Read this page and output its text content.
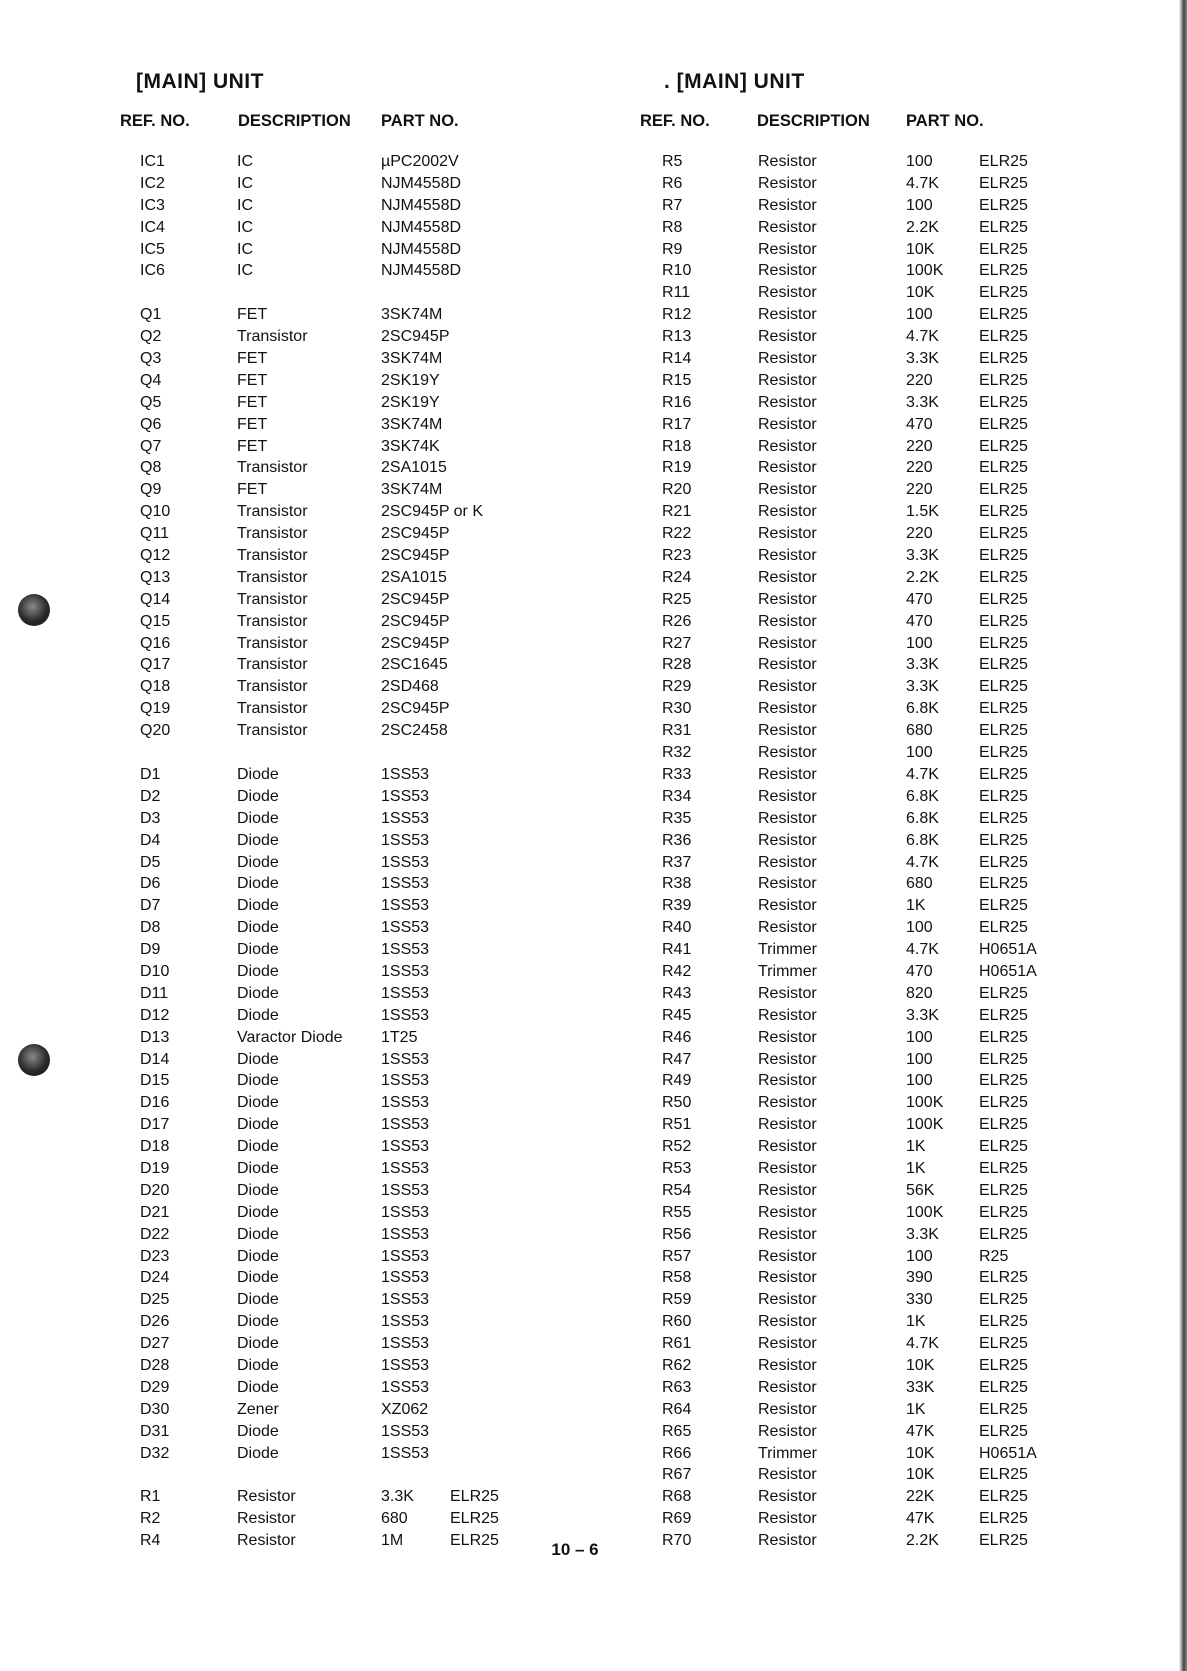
[MAIN] UNIT
REF. NO.	DESCRIPTION PART NO.
IC1	IC	µPC2002V
IC2	IC	NJM4558D
IC3	IC	NJM4558D
IC4	IC	NJM4558D
IC5	IC	NJM4558D
IC6	IC	NJM4558D
Q1	FET	3SK74M
Q2	Transistor	2SC945P
Q3	FET	3SK74M
Q4	FET	2SK19Y
Q5	FET	2SK19Y
Q6	FET	3SK74M
Q7	FET	3SK74K
Q8	Transistor	2SA1015
Q9	FET	3SK74M
Q10	Transistor	2SC945P or K
Q11	Transistor	2SC945P
Q12	Transistor	2SC945P
Q13	Transistor	2SA1015
Q14	Transistor	2SC945P
Q15	Transistor	2SC945P
Q16	Transistor	2SC945P
Q17	Transistor	2SC1645
Q18	Transistor	2SD468
Q19	Transistor	2SC945P
Q20	Transistor	2SC2458
D1	Diode	1SS53
D2	Diode	1SS53
D3	Diode	1SS53
D4	Diode	1SS53
D5	Diode	1SS53
D6	Diode	1SS53
D7	Diode	1SS53
D8	Diode	1SS53
D9	Diode	1SS53
D10	Diode	1SS53
D11	Diode	1SS53
D12	Diode	1SS53
D13	Varactor Diode 1T25
D14	Diode	1SS53
D15	Diode	1SS53
D16	Diode	1SS53
D17	Diode	1SS53
D18	Diode	1SS53
D19	Diode	1SS53
D20	Diode	1SS53
D21	Diode	1SS53
D22	Diode	1SS53
D23	Diode	1SS53
D24	Diode	1SS53
D25	Diode	1SS53
D26	Diode	1SS53
D27	Diode	1SS53
D28	Diode	1SS53
D29	Diode	1SS53
D30	Zener	XZ062
D31	Diode	1SS53
D32	Diode	1SS53
R1	Resistor	3.3K ELR25
R2	Resistor	680	ELR25
R4	Resistor	1M	ELR25
. [MAIN] UNIT
REF. NO.	DESCRIPTION PART NO.
R5	Resistor	100	ELR25
R6	Resistor	4.7K	ELR25
R7	Resistor	100	ELR25
R8	Resistor	2.2K	ELR25
R9	Resistor	10K	ELR25
R10	Resistor	100K ELR25
R11	Resistor	10K	ELR25
R12	Resistor	100	ELR25
R13	Resistor	4.7K	ELR25
R14	Resistor	3.3K	ELR25
R15	Resistor	220	ELR25
R16	Resistor	3.3K	ELR25
R17	Resistor	470	ELR25
R18	Resistor	220	ELR25
R19	Resistor	220	ELR25
R20	Resistor	220	ELR25
R21	Resistor	1.5K	ELR25
R22	Resistor	220	ELR25
R23	Resistor	3.3K	ELR25
R24	Resistor	2.2K	ELR25
R25	Resistor	470	ELR25
R26	Resistor	470	ELR25
R27	Resistor	100	ELR25
R28	Resistor	3.3K	ELR25
R29	Resistor	3.3K	ELR25
R30	Resistor	6.8K	ELR25
R31	Resistor	680	ELR25
R32	Resistor	100	ELR25
R33	Resistor	4.7K	ELR25
R34	Resistor	6.8K	ELR25
R35	Resistor	6.8K	ELR25
R36	Resistor	6.8K	ELR25
R37	Resistor	4.7K	ELR25
R38	Resistor	680	ELR25
R39	Resistor	1K	ELR25
R40	Resistor	100	ELR25
R41	Trimmer	4.7K	H0651A
R42	Trimmer	470	H0651A
R43	Resistor	820	ELR25
R45	Resistor	3.3K	ELR25
R46	Resistor	100	ELR25
R47	Resistor	100	ELR25
R49	Resistor	100	ELR25
R50	Resistor	100K ELR25
R51	Resistor	100K ELR25
R52	Resistor	1K	ELR25
R53	Resistor	1K	ELR25
R54	Resistor	56K	ELR25
R55	Resistor	100K ELR25
R56	Resistor	3.3K	ELR25
R57	Resistor	100	R25
R58	Resistor	390	ELR25
R59	Resistor	330	ELR25
R60	Resistor	1K	ELR25
R61	Resistor	4.7K	ELR25
R62	Resistor	10K	ELR25
R63	Resistor	33K	ELR25
R64	Resistor	1K	ELR25
R65	Resistor	47K	ELR25
R66	Trimmer	10K	H0651A
R67	Resistor	10K	ELR25
R68	Resistor	22K	ELR25
R69	Resistor	47K	ELR25
R70	Resistor	2.2K	ELR25
10 – 6
